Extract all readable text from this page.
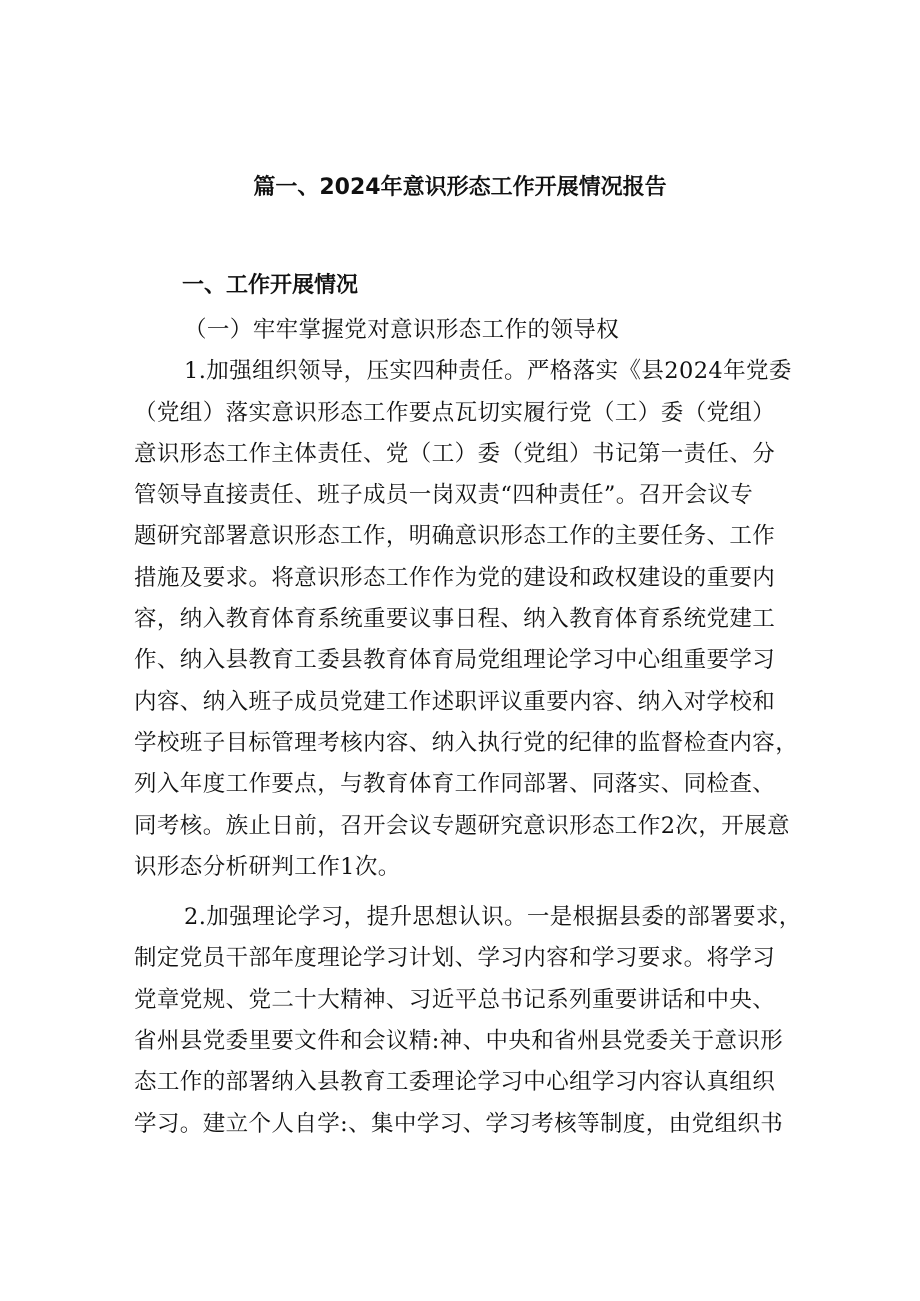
篇一、2024年意识形态工作开展情况报告
一、工作开展情况
（一）牢牢掌握党对意识形态工作的领导权
1.加强组织领导，压实四种责任。严格落实《县2024年党委
（党组）落实意识形态工作要点瓦切实履行党（工）委（党组）
意识形态工作主体责任、党（工）委（党组）书记第一责任、分
管领导直接责任、班子成员一岗双责“四种责任”。召开会议专
题研究部署意识形态工作，明确意识形态工作的主要任务、工作
措施及要求。将意识形态工作作为党的建设和政权建设的重要内
容，纳入教育体育系统重要议事日程、纳入教育体育系统党建工
作、纳入县教育工委县教育体育局党组理论学习中心组重要学习
内容、纳入班子成员党建工作述职评议重要内容、纳入对学校和
学校班子目标管理考核内容、纳入执行党的纪律的监督检查内容，
列入年度工作要点，与教育体育工作同部署、同落实、同检查、
同考核。族止日前，召开会议专题研究意识形态工作2次，开展意
识形态分析研判工作1次。
2.加强理论学习，提升思想认识。一是根据县委的部署要求，
制定党员干部年度理论学习计划、学习内容和学习要求。将学习
党章党规、党二十大精神、习近平总书记系列重要讲话和中央、
省州县党委里要文件和会议精:神、中央和省州县党委关于意识形
态工作的部署纳入县教育工委理论学习中心组学习内容认真组织
学习。建立个人自学:、集中学习、学习考核等制度，由党组织书
